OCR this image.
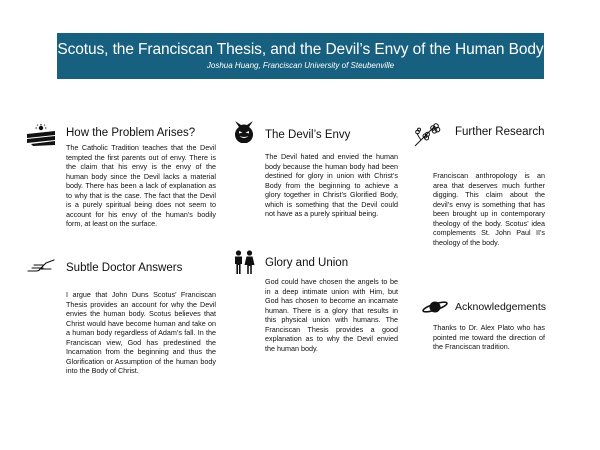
Scotus, the Franciscan Thesis, and the Devil’s Envy of the Human Body
Joshua Huang, Franciscan University of Steubenville
How the Problem Arises?
The Catholic Tradition teaches that the Devil tempted the first parents out of envy. There is the claim that his envy is the envy of the human body since the Devil lacks a material body. There has been a lack of explanation as to why that is the case. The fact that the Devil is a purely spiritual being does not seem to account for his envy of the human’s bodily form, at least on the surface.
Subtle Doctor Answers
I argue that John Duns Scotus’ Franciscan Thesis provides an account for why the Devil envies the human body. Scotus believes that Christ would have become human and take on a human body regardless of Adam’s fall. In the Franciscan view, God has predestined the Incarnation from the beginning and thus the Glorification or Assumption of the human body into the Body of Christ.
The Devil’s Envy
The Devil hated and envied the human body because the human body had been destined for glory in union with Christ’s Body from the beginning to achieve a glory together in Christ’s Glorified Body, which is something that the Devil could not have as a purely spiritual being.
Glory and Union
God could have chosen the angels to be in a deep intimate union with Him, but God has chosen to become an incarnate human. There is a glory that results in this physical union with humans. The Franciscan Thesis provides a good explanation as to why the Devil envied the human body.
Further Research
Franciscan anthropology is an area that deserves much further digging. This claim about the devil’s envy is something that has been brought up in contemporary theology of the body. Scotus’ idea complements St. John Paul II’s theology of the body.
Acknowledgements
Thanks to Dr. Alex Plato who has pointed me toward the direction of the Franciscan tradition.
